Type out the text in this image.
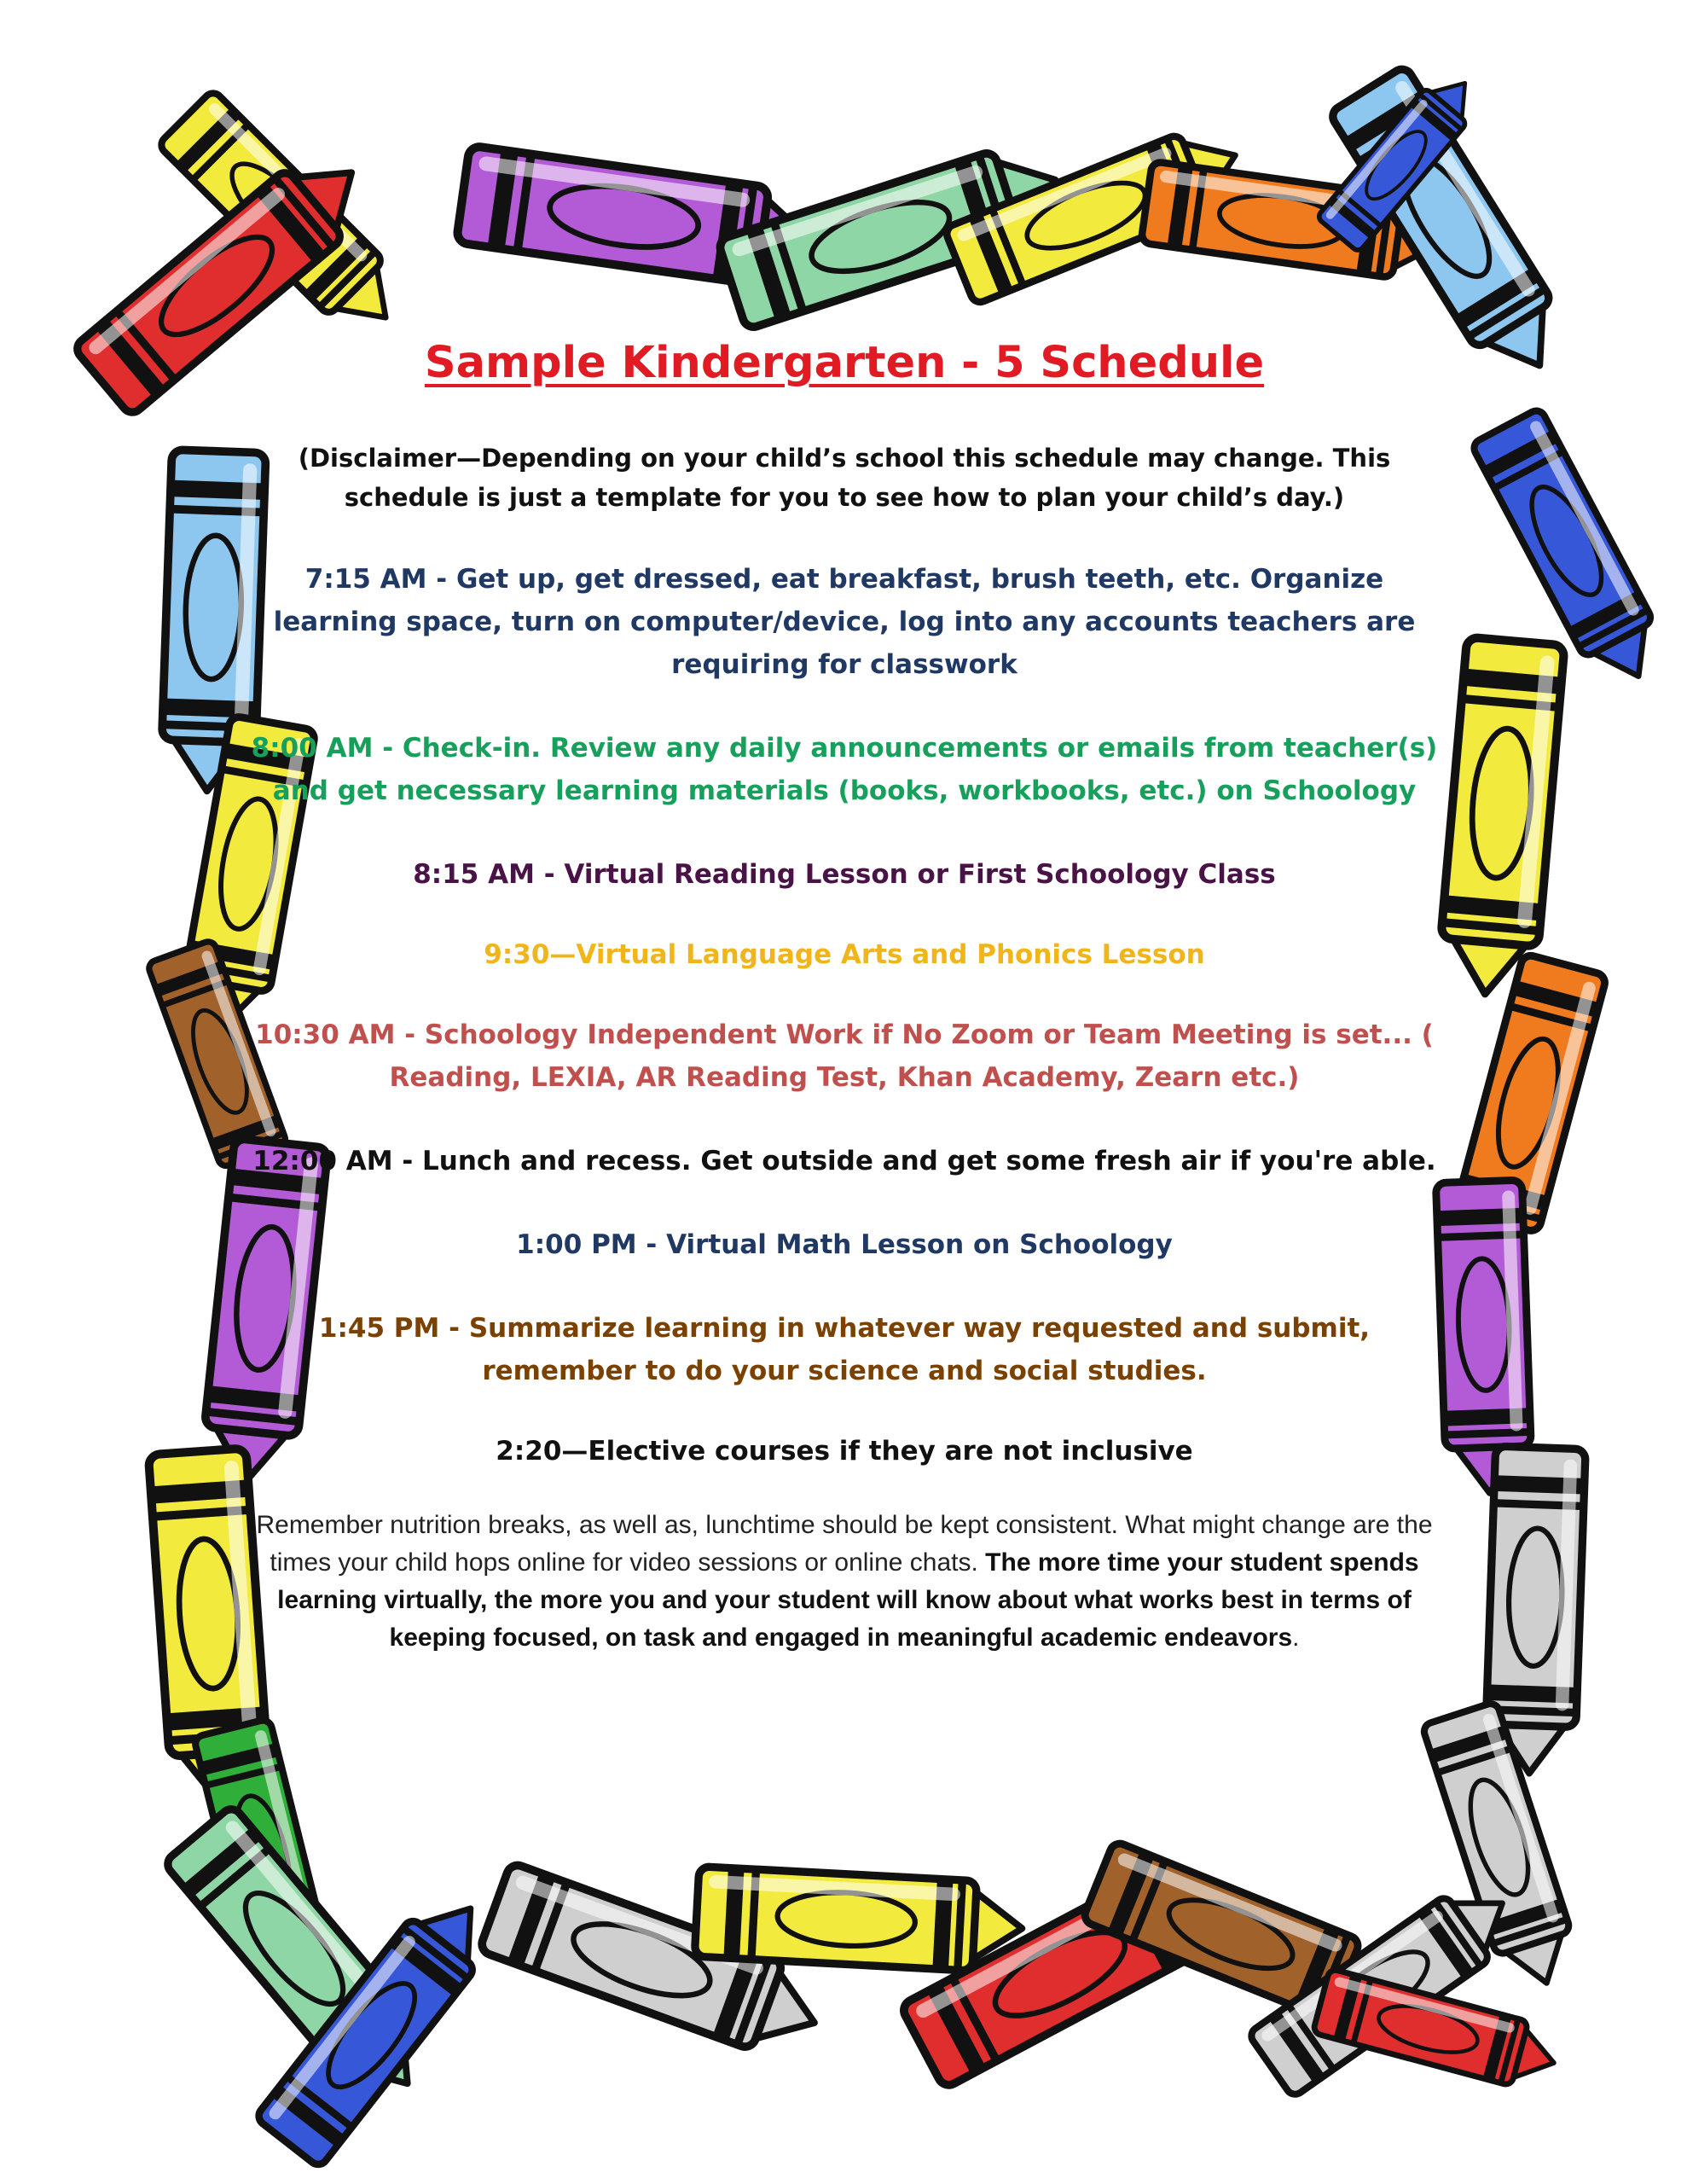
Sample Kindergarten - 5 Schedule

(Disclaimer—Depending on your child’s school this schedule may change. This schedule is just a template for you to see how to plan your child’s day.)

7:15 AM - Get up, get dressed, eat breakfast, brush teeth, etc. Organize learning space, turn on computer/device, log into any accounts teachers are requiring for classwork

8:00 AM - Check-in. Review any daily announcements or emails from teacher(s) and get necessary learning materials (books, workbooks, etc.) on Schoology

8:15 AM - Virtual Reading Lesson or First Schoology Class

9:30—Virtual Language Arts and Phonics Lesson

10:30 AM - Schoology Independent Work if No Zoom or Team Meeting is set... ( Reading, LEXIA, AR Reading Test, Khan Academy, Zearn etc.)

12:00 AM - Lunch and recess. Get outside and get some fresh air if you're able.

1:00 PM - Virtual Math Lesson on Schoology

1:45 PM - Summarize learning in whatever way requested and submit, remember to do your science and social studies.

2:20—Elective courses if they are not inclusive

Remember nutrition breaks, as well as, lunchtime should be kept consistent. What might change are the times your child hops online for video sessions or online chats. The more time your student spends learning virtually, the more you and your student will know about what works best in terms of keeping focused, on task and engaged in meaningful academic endeavors.
